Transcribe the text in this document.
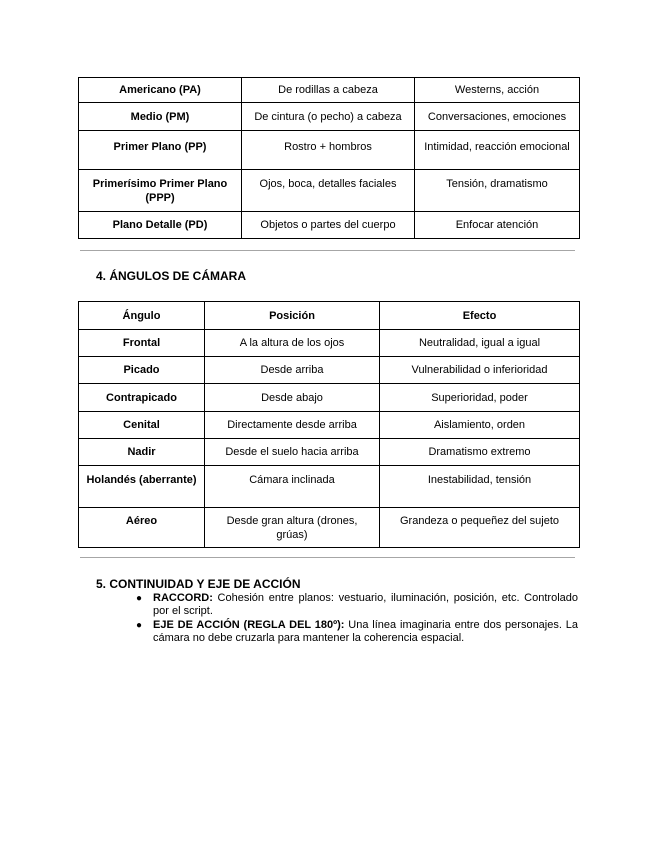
Americano (PA)	De rodillas a cabeza	Westerns, acción
Medio (PM)	De cintura (o pecho) a cabeza	Conversaciones, emociones
Primer Plano (PP)	Rostro + hombros	Intimidad, reacción emocional
Primerísimo Primer Plano (PPP)	Ojos, boca, detalles faciales	Tensión, dramatismo
Plano Detalle (PD)	Objetos o partes del cuerpo	Enfocar atención
4. ÁNGULOS DE CÁMARA
Ángulo	Posición	Efecto
Frontal	A la altura de los ojos	Neutralidad, igual a igual
Picado	Desde arriba	Vulnerabilidad o inferioridad
Contrapicado	Desde abajo	Superioridad, poder
Cenital	Directamente desde arriba	Aislamiento, orden
Nadir	Desde el suelo hacia arriba	Dramatismo extremo
Holandés (aberrante)	Cámara inclinada	Inestabilidad, tensión
Aéreo	Desde gran altura (drones, grúas)	Grandeza o pequeñez del sujeto
5. CONTINUIDAD Y EJE DE ACCIÓN
● RACCORD: Cohesión entre planos: vestuario, iluminación, posición, etc. Controlado por el script.
● EJE DE ACCIÓN (REGLA DEL 180º): Una línea imaginaria entre dos personajes. La cámara no debe cruzarla para mantener la coherencia espacial.
